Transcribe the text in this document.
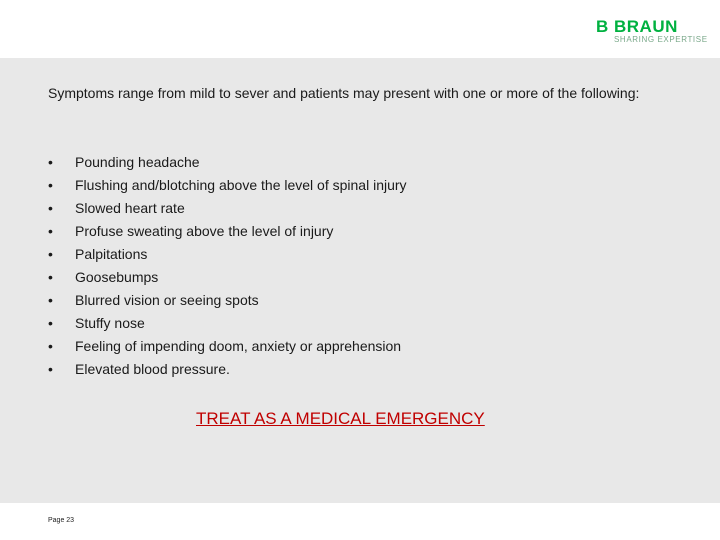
B BRAUN
SHARING EXPERTISE
Symptoms range from mild to sever and patients may present with one or more of the following:
•	Pounding headache
•	Flushing and/blotching above the level of spinal injury
•	Slowed heart rate
•	Profuse sweating above the level of injury
•	Palpitations
•	Goosebumps
•	Blurred vision or seeing spots
•	Stuffy nose
•	Feeling of impending doom, anxiety or apprehension
•	Elevated blood pressure.
TREAT AS A MEDICAL EMERGENCY
Page 23
